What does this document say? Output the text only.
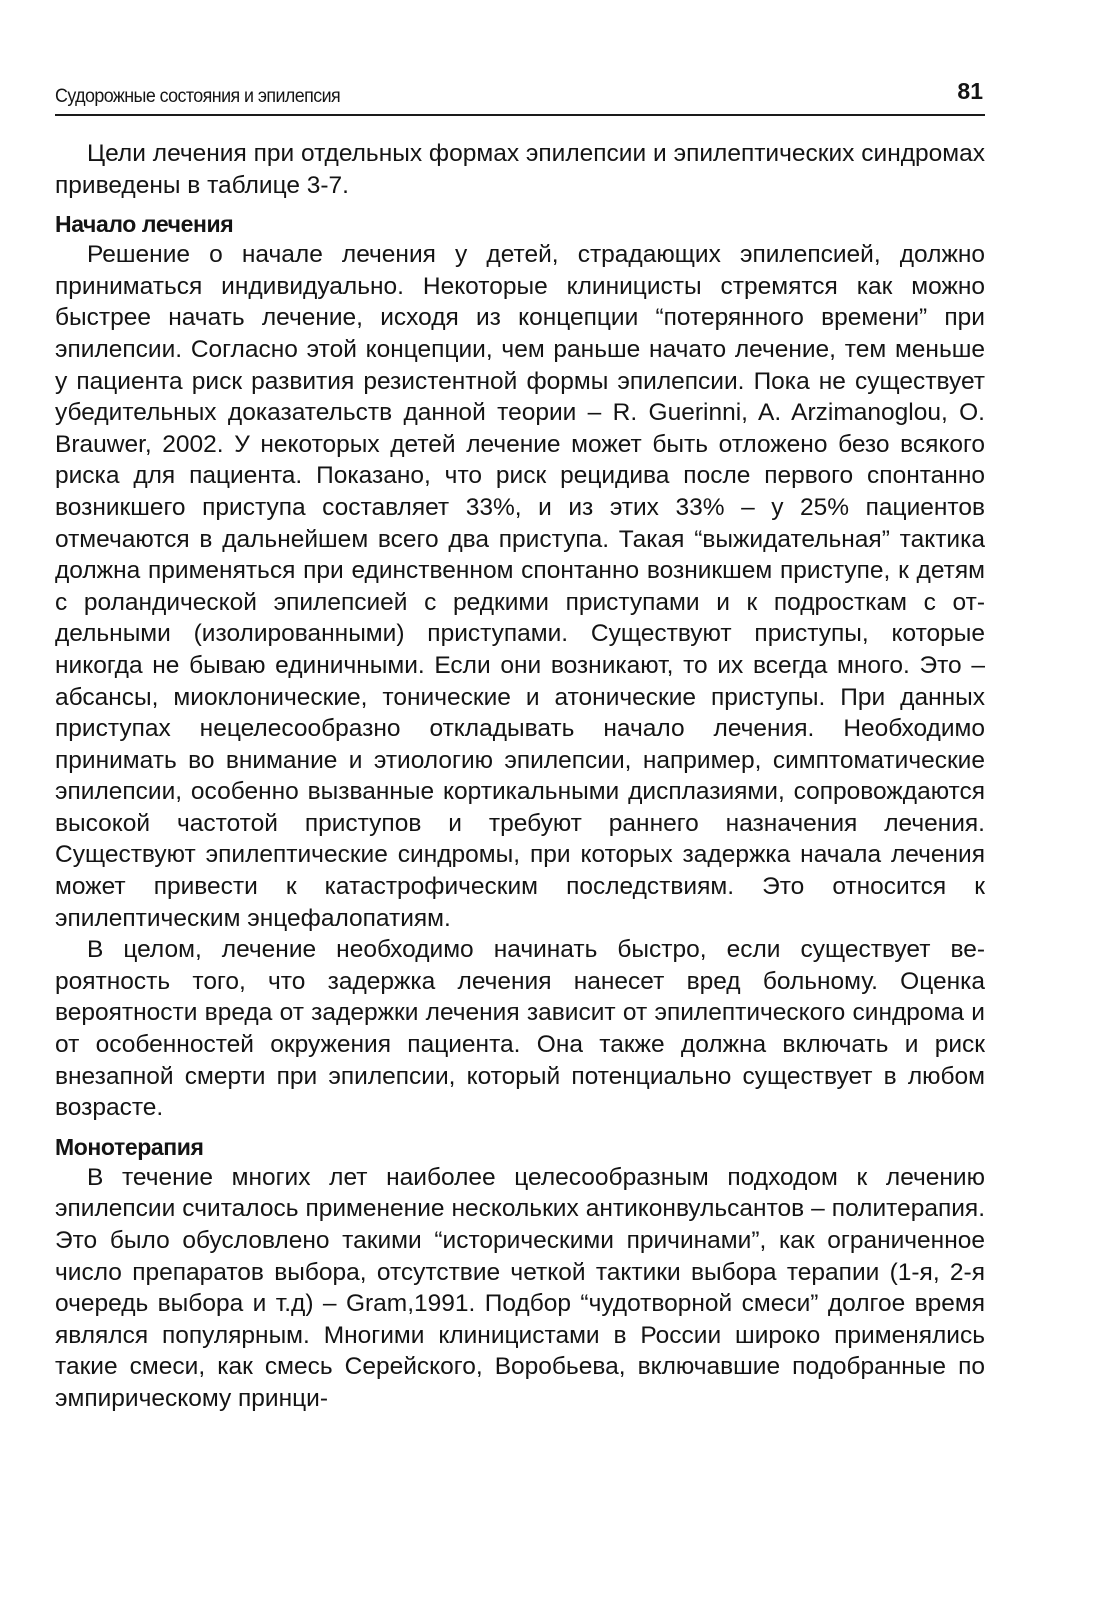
Судорожные состояния и эпилепсия	81

Цели лечения при отдельных формах эпилепсии и эпилептических синдромах приведены в таблице 3-7.

Начало лечения

Решение о начале лечения у детей, страдающих эпилепсией, должно приниматься индивидуально. Некоторые клиницисты стремятся как можно быстрее начать лечение, исходя из концепции “потерянного времени” при эпилепсии. Согласно этой концепции, чем раньше начато лечение, тем меньше у пациента риск развития резистентной формы эпилепсии. Пока не существует убедительных доказательств данной теории – R. Guerinni, A. Arzimanoglou, O. Brauwer, 2002. У некоторых детей лечение может быть отложено безо всякого риска для пациента. Показано, что риск рецидива после первого спонтанно возникшего приступа составляет 33%, и из этих 33% – у 25% пациентов отмечаются в дальнейшем всего два приступа. Такая “выжидательная” тактика должна применяться при единственном спонтанно возникшем приступе, к детям с роландической эпилепсией с редкими приступами и к подросткам с отдельными (изолированными) приступами. Существуют приступы, которые никогда не бываю единичными. Если они возникают, то их всегда много. Это – абсансы, миоклонические, тонические и атонические приступы. При данных приступах нецелесообразно откладывать начало лечения. Необходимо принимать во внимание и этиологию эпилепсии, например, симптоматические эпилепсии, особенно вызванные кортикальными дисплазиями, сопровождаются высокой частотой приступов и требуют раннего назначения лечения. Существуют эпилептические синдромы, при которых задержка начала лечения может привести к катастрофическим последствиям. Это относится к эпилептическим энцефалопатиям.

В целом, лечение необходимо начинать быстро, если существует вероятность того, что задержка лечения нанесет вред больному. Оценка вероятности вреда от задержки лечения зависит от эпилептического синдрома и от особенностей окружения пациента. Она также должна включать и риск внезапной смерти при эпилепсии, который потенциально существует в любом возрасте.

Монотерапия

В течение многих лет наиболее целесообразным подходом к лечению эпилепсии считалось применение нескольких антиконвульсантов – политерапия. Это было обусловлено такими “историческими причинами”, как ограниченное число препаратов выбора, отсутствие четкой тактики выбора терапии (1-я, 2-я очередь выбора и т.д) – Gram,1991. Подбор “чудотворной смеси” долгое время являлся популярным. Многими клиницистами в России широко применялись такие смеси, как смесь Серейского, Воробьева, включавшие подобранные по эмпирическому принци-
